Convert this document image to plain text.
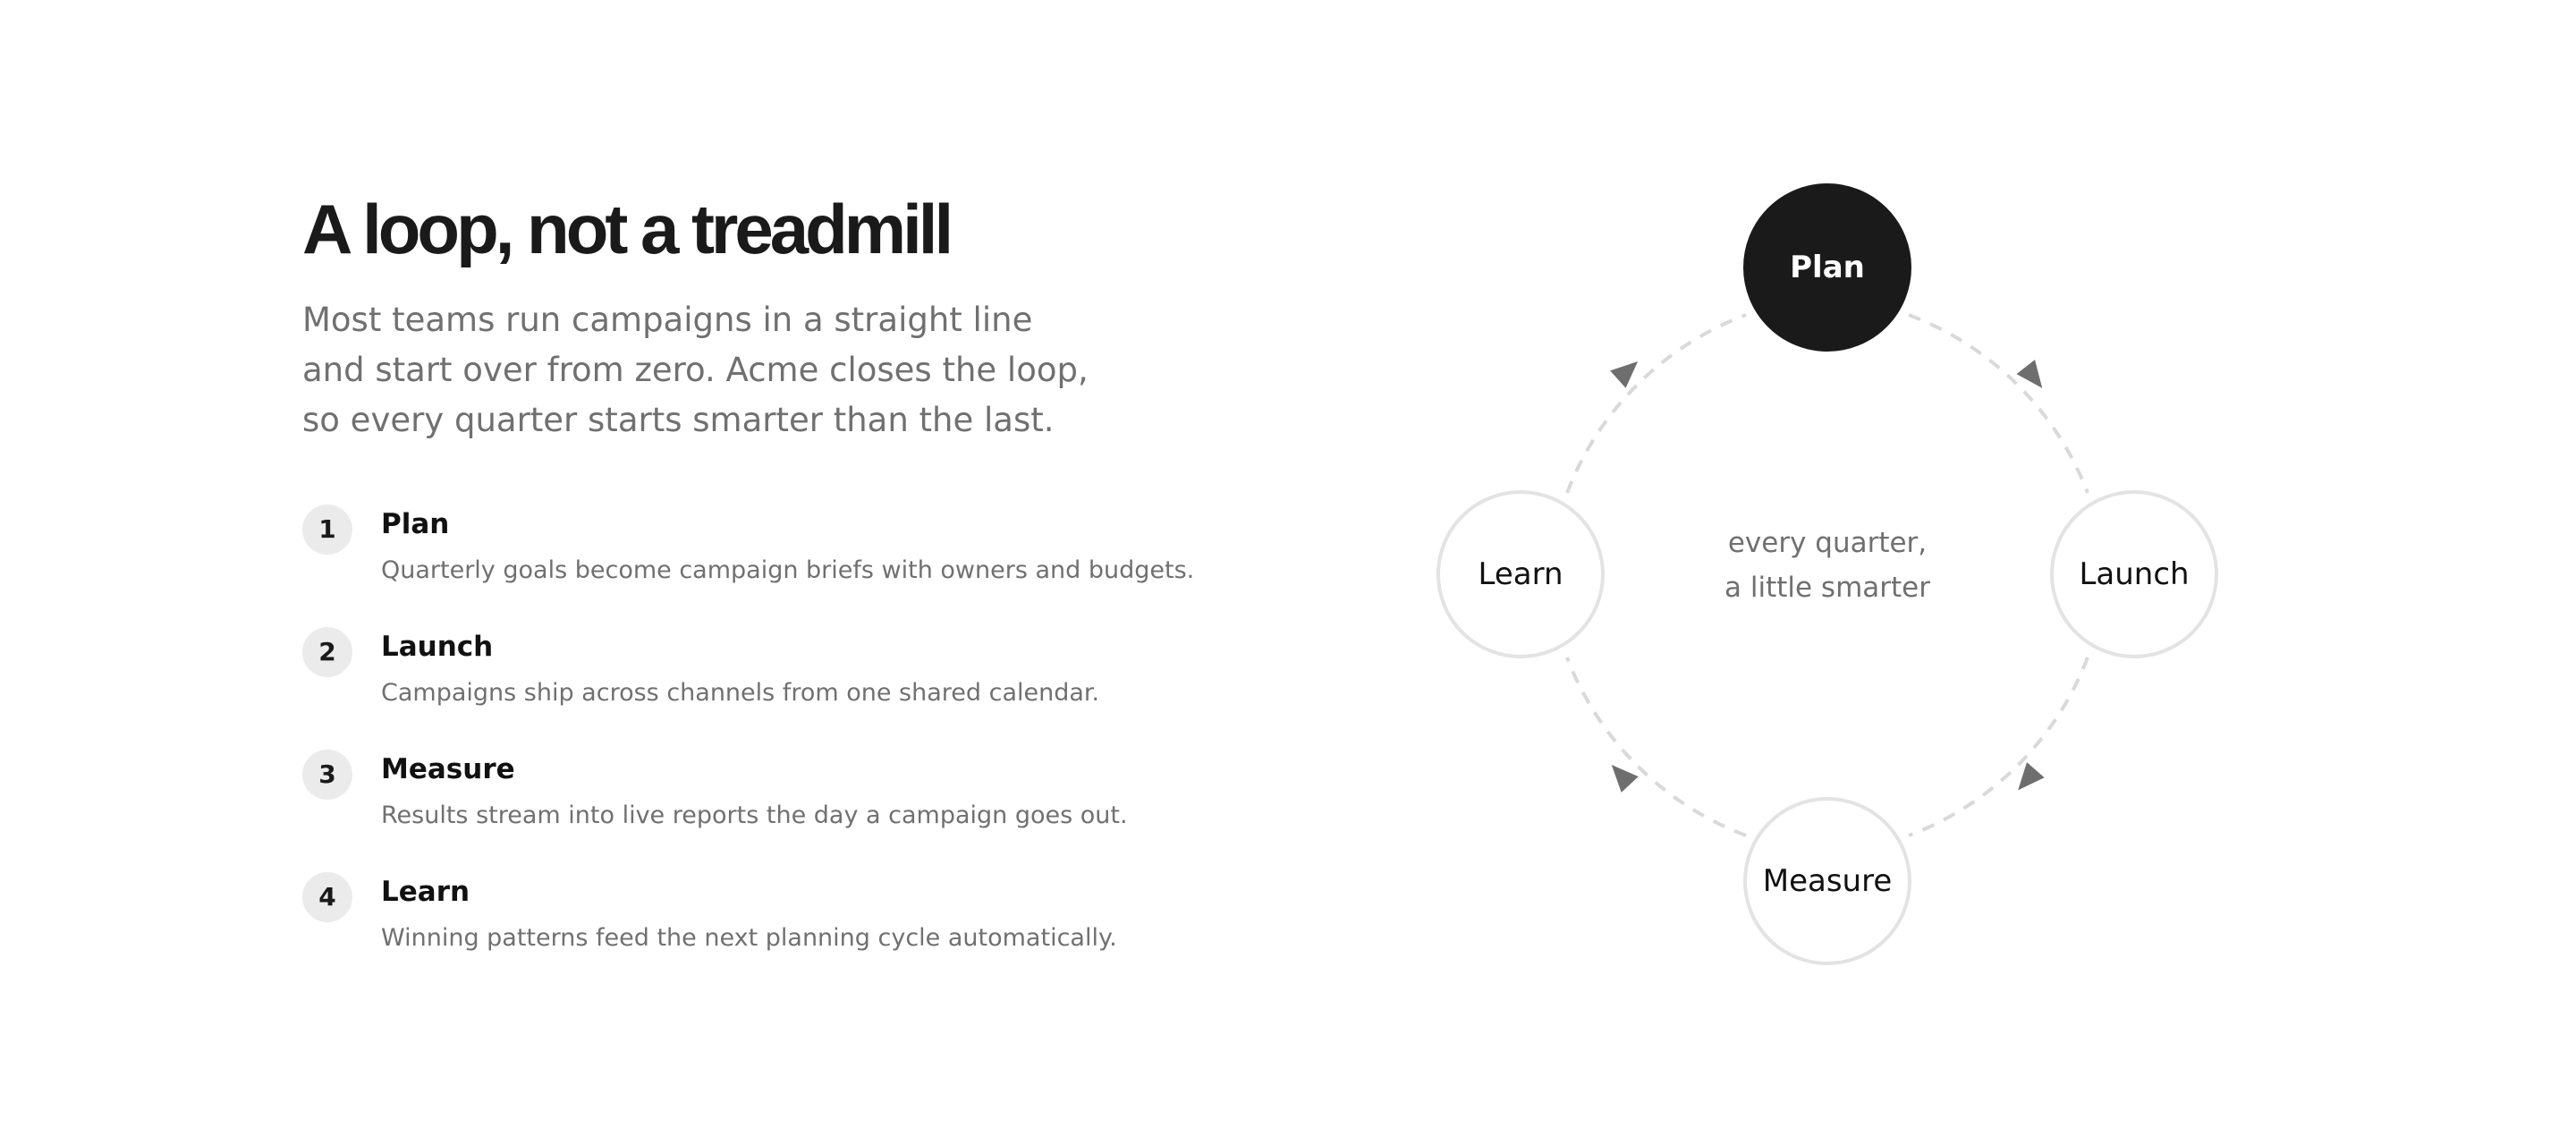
A loop, not a treadmill
Most teams run campaigns in a straight line
and start over from zero. Acme closes the loop,
so every quarter starts smarter than the last.
1	Plan
Quarterly goals become campaign briefs with owners and budgets.
2	Launch
Campaigns ship across channels from one shared calendar.
3	Measure
Results stream into live reports the day a campaign goes out.
4	Learn
Winning patterns feed the next planning cycle automatically.
Plan
Launch
Measure
Learn
every quarter,
a little smarter
